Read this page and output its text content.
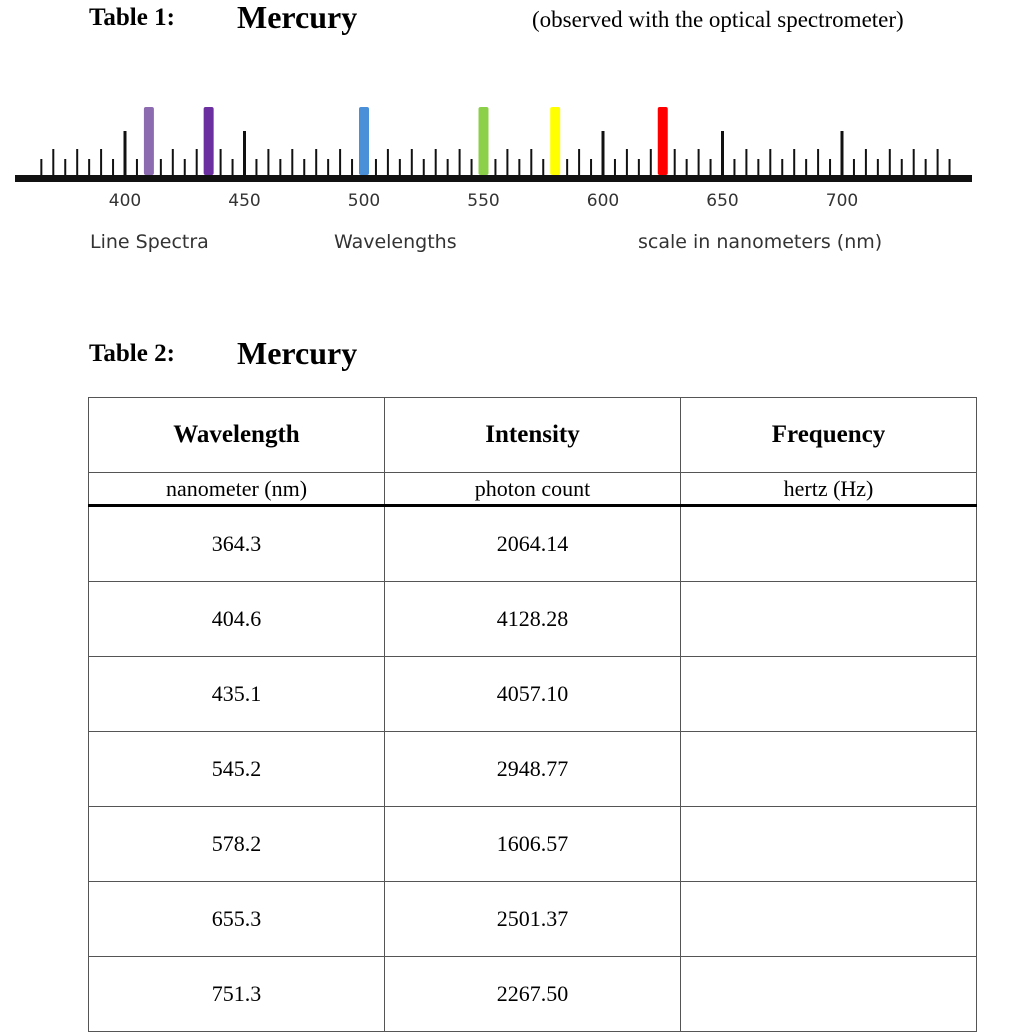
Table 1: Mercury	(observed with the optical spectrometer)
400	450	500	550	600	650	700
Line Spectra	Wavelengths	scale in nanometers (nm)
Table 2: Mercury
Wavelength	Intensity	Frequency
nanometer (nm)	photon count	hertz (Hz)
364.3	2064.14	
404.6	4128.28	
435.1	4057.10	
545.2	2948.77	
578.2	1606.57	
655.3	2501.37	
751.3	2267.50	
